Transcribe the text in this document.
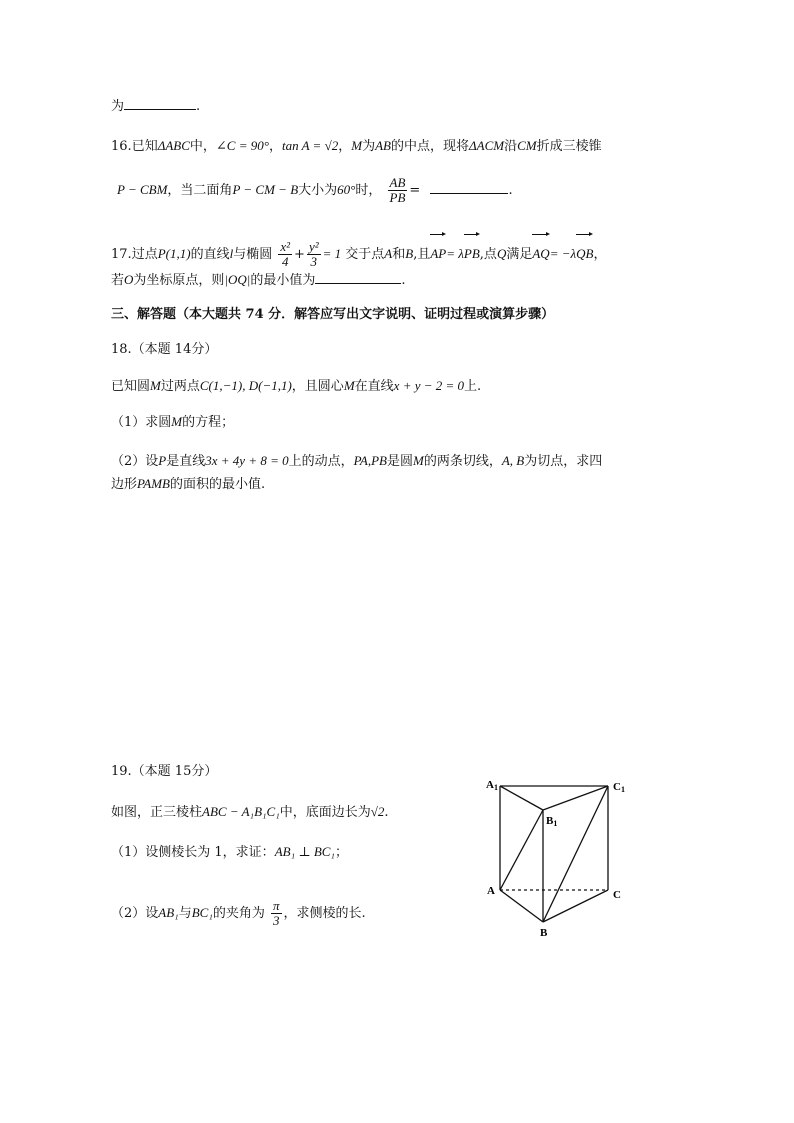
为	.
16.已知ΔABC中，∠C = 90°，tan A = √2，M为AB的中点，现将ΔACM沿CM折成三棱锥
P − CBM，当二面角P − CM − B大小为60°时， $\frac{AB}{PB}$ =	.
17.过点P(1,1)的直线l与椭圆 $\frac{\text{x²}}{4} + \frac{\text{y²}}{3} = 1$ 交于点A和B,且AP= λPB,点Q满足AQ= −λQB，
若O为坐标原点，则|OQ|的最小值为	.
三、解答题（本大题共 74 分．解答应写出文字说明、证明过程或演算步骤）
18.（本题 14分）
已知圆M过两点C(1,−1), D(−1,1)，且圆心M在直线x + y − 2 = 0上.
（1）求圆M的方程；
（2）设P是直线3x + 4y + 8 = 0上的动点，PA,PB是圆M的两条切线，A, B为切点，求四
边形PAMB的面积的最小值.
19.（本题 15分）
如图，正三棱柱ABC − A₁B₁C₁中，底面边长为√2.
（1）设侧棱长为 1，求证：AB₁ ⊥ BC₁；
（2）设AB₁与BC₁的夹角为 $\frac{\pi}{3}$ ，求侧棱的长.
A1	C1
B1
A	C
B
